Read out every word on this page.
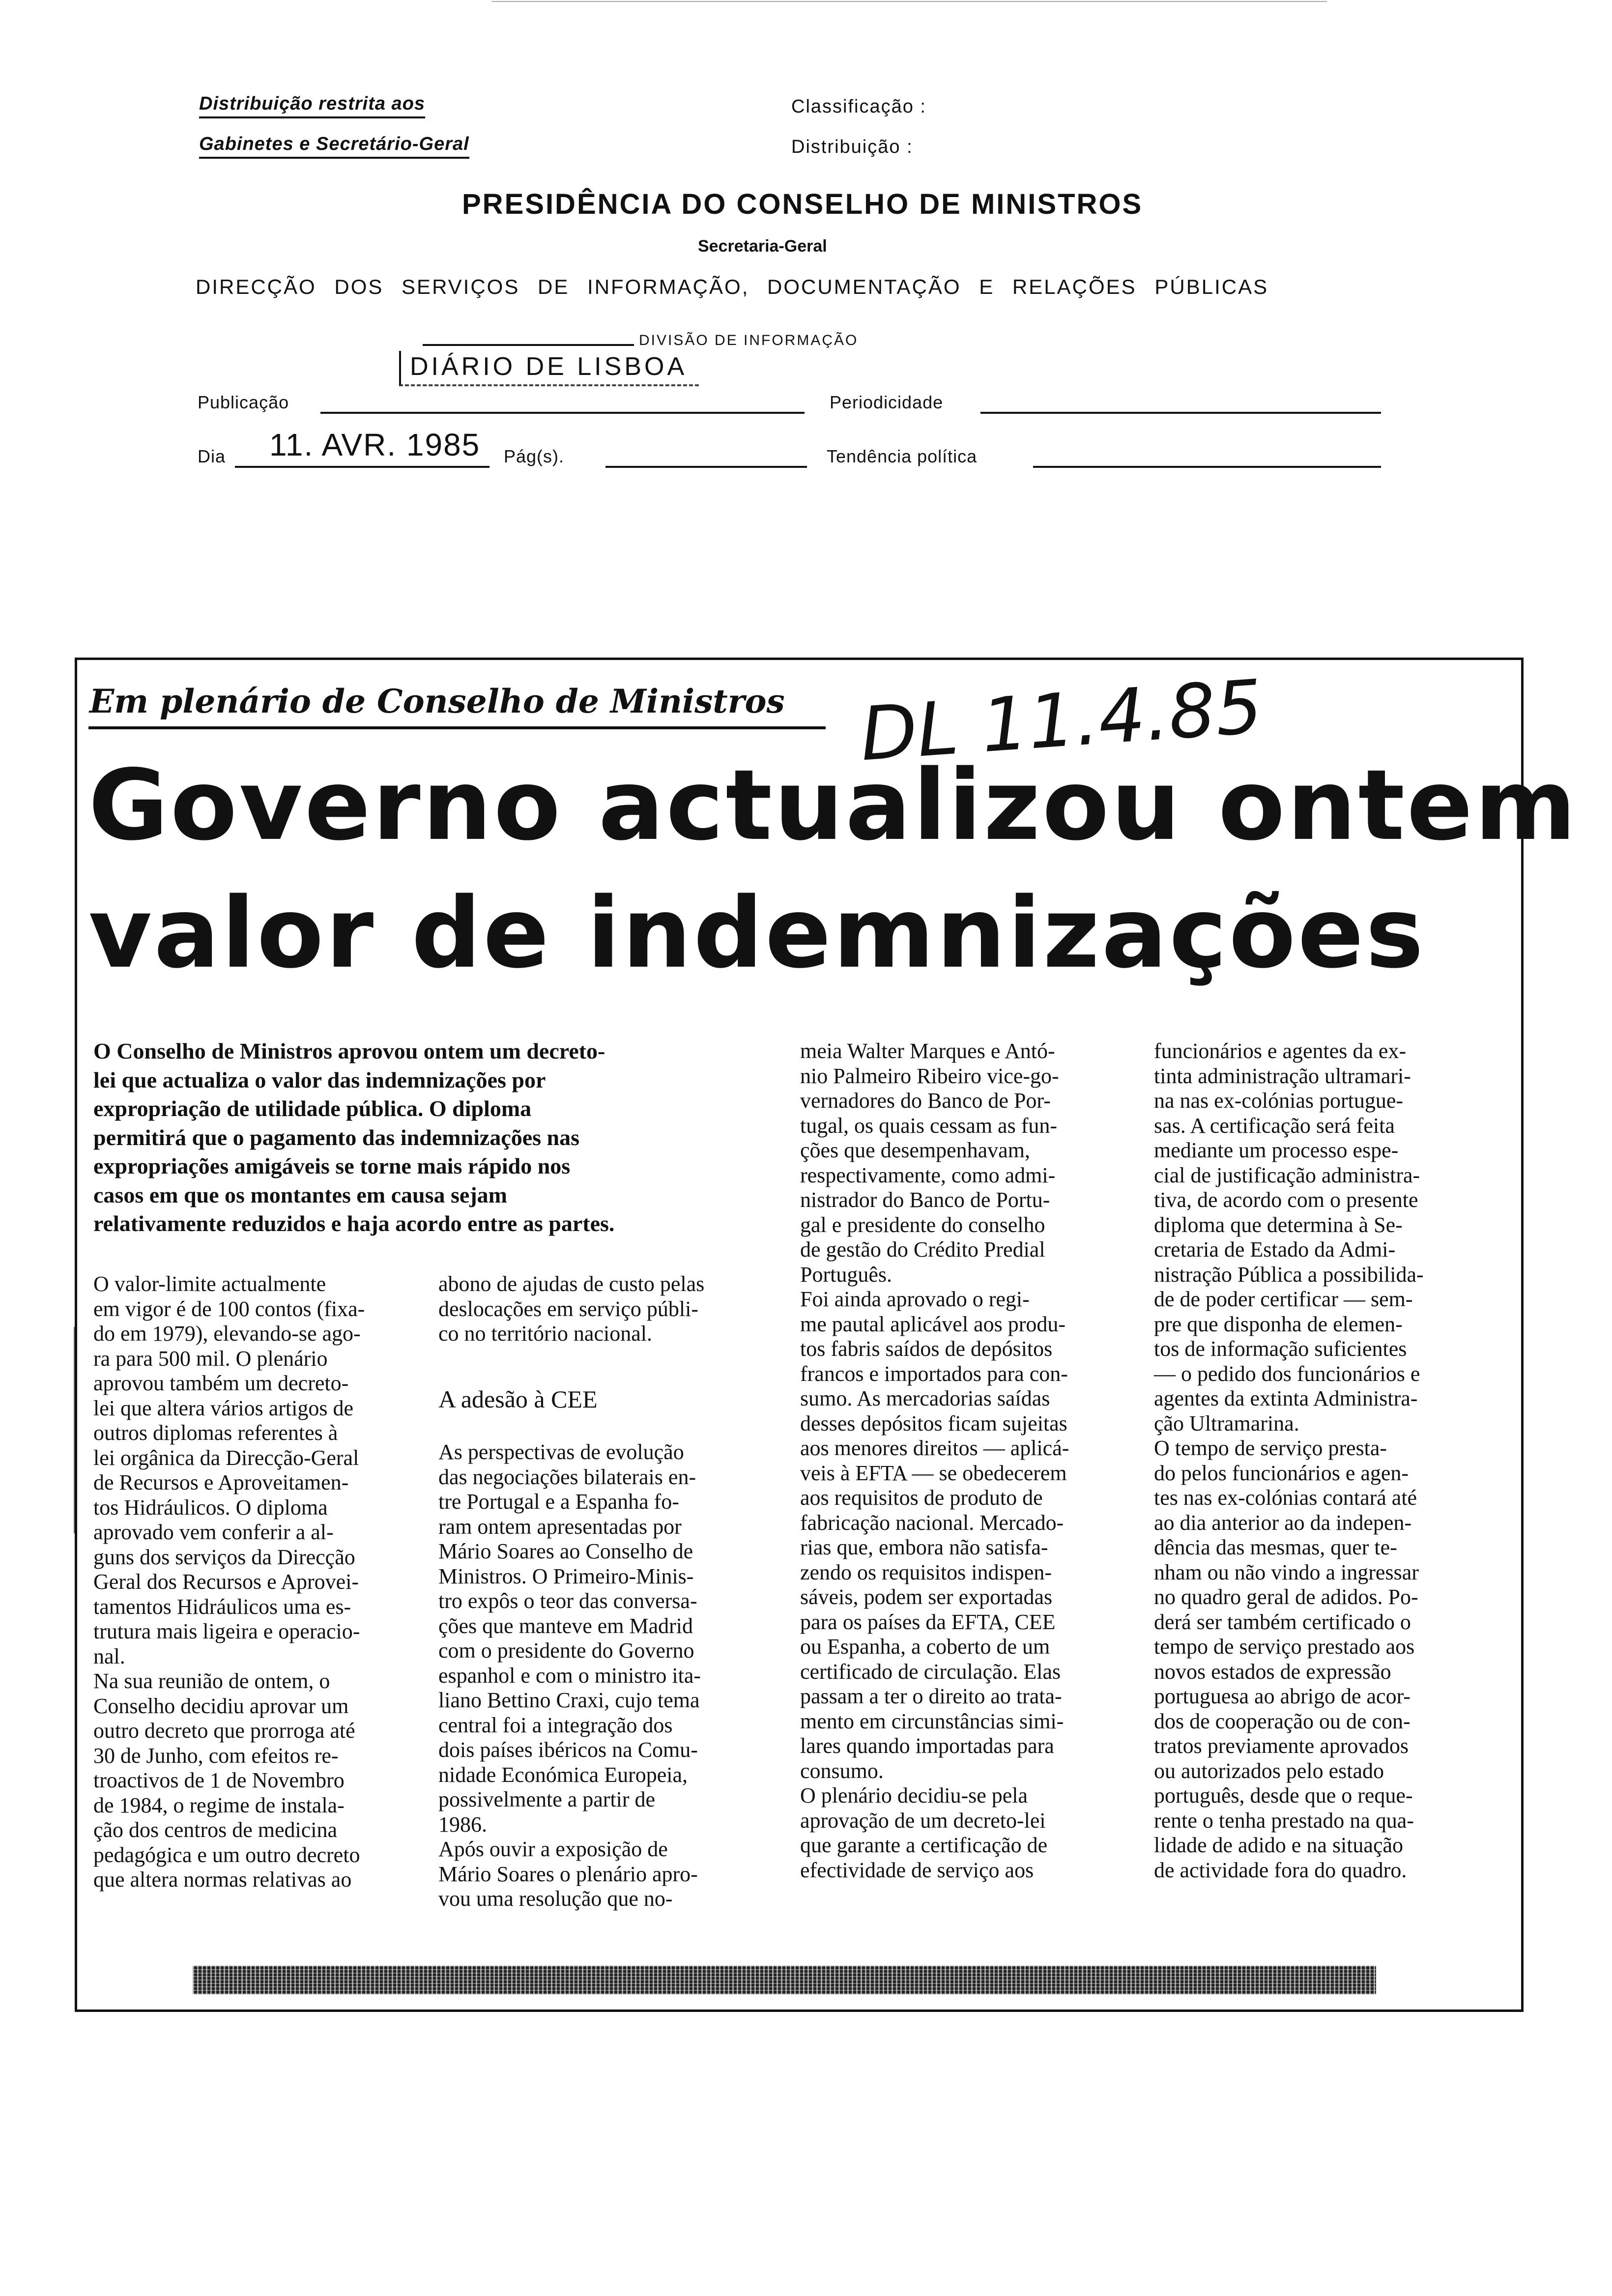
Distribuição restrita aos
Gabinetes e Secretário-Geral
Classificação :
Distribuição :
PRESIDÊNCIA DO CONSELHO DE MINISTROS
Secretaria-Geral
DIRECÇÃO DOS SERVIÇOS DE INFORMAÇÃO, DOCUMENTAÇÃO E RELAÇÕES PÚBLICAS
DIVISÃO DE INFORMAÇÃO
DIÁRIO DE LISBOA
Publicação	Periodicidade
Dia 11. AVR. 1985 Pág(s).	Tendência política
Em plenário de Conselho de Ministros DL 11.4.85
Governo actualizou ontem
valor de indemnizações
O Conselho de Ministros aprovou ontem um decreto-
lei que actualiza o valor das indemnizações por
expropriação de utilidade pública. O diploma
permitirá que o pagamento das indemnizações nas
expropriações amigáveis se torne mais rápido nos
casos em que os montantes em causa sejam
relativamente reduzidos e haja acordo entre as partes.

O valor-limite actualmente
em vigor é de 100 contos (fixa-
do em 1979), elevando-se ago-
ra para 500 mil. O plenário
aprovou também um decreto-
lei que altera vários artigos de
outros diplomas referentes à
lei orgânica da Direcção-Geral
de Recursos e Aproveitamen-
tos Hidráulicos. O diploma
aprovado vem conferir a al-
guns dos serviços da Direcção
Geral dos Recursos e Aprovei-
tamentos Hidráulicos uma es-
trutura mais ligeira e operacio-
nal.
Na sua reunião de ontem, o
Conselho decidiu aprovar um
outro decreto que prorroga até
30 de Junho, com efeitos re-
troactivos de 1 de Novembro
de 1984, o regime de instala-
ção dos centros de medicina
pedagógica e um outro decreto
que altera normas relativas ao

abono de ajudas de custo pelas
deslocações em serviço públi-
co no território nacional.

A adesão à CEE

As perspectivas de evolução
das negociações bilaterais en-
tre Portugal e a Espanha fo-
ram ontem apresentadas por
Mário Soares ao Conselho de
Ministros. O Primeiro-Minis-
tro expôs o teor das conversa-
ções que manteve em Madrid
com o presidente do Governo
espanhol e com o ministro ita-
liano Bettino Craxi, cujo tema
central foi a integração dos
dois países ibéricos na Comu-
nidade Económica Europeia,
possivelmente a partir de
1986.
Após ouvir a exposição de
Mário Soares o plenário apro-
vou uma resolução que no-

meia Walter Marques e Antó-
nio Palmeiro Ribeiro vice-go-
vernadores do Banco de Por-
tugal, os quais cessam as fun-
ções que desempenhavam,
respectivamente, como admi-
nistrador do Banco de Portu-
gal e presidente do conselho
de gestão do Crédito Predial
Português.
Foi ainda aprovado o regi-
me pautal aplicável aos produ-
tos fabris saídos de depósitos
francos e importados para con-
sumo. As mercadorias saídas
desses depósitos ficam sujeitas
aos menores direitos — aplicá-
veis à EFTA — se obedecerem
aos requisitos de produto de
fabricação nacional. Mercado-
rias que, embora não satisfa-
zendo os requisitos indispen-
sáveis, podem ser exportadas
para os países da EFTA, CEE
ou Espanha, a coberto de um
certificado de circulação. Elas
passam a ter o direito ao trata-
mento em circunstâncias simi-
lares quando importadas para
consumo.
O plenário decidiu-se pela
aprovação de um decreto-lei
que garante a certificação de
efectividade de serviço aos

funcionários e agentes da ex-
tinta administração ultramari-
na nas ex-colónias portugue-
sas. A certificação será feita
mediante um processo espe-
cial de justificação administra-
tiva, de acordo com o presente
diploma que determina à Se-
cretaria de Estado da Admi-
nistração Pública a possibilida-
de de poder certificar — sem-
pre que disponha de elemen-
tos de informação suficientes
— o pedido dos funcionários e
agentes da extinta Administra-
ção Ultramarina.
O tempo de serviço presta-
do pelos funcionários e agen-
tes nas ex-colónias contará até
ao dia anterior ao da indepen-
dência das mesmas, quer te-
nham ou não vindo a ingressar
no quadro geral de adidos. Po-
derá ser também certificado o
tempo de serviço prestado aos
novos estados de expressão
portuguesa ao abrigo de acor-
dos de cooperação ou de con-
tratos previamente aprovados
ou autorizados pelo estado
português, desde que o reque-
rente o tenha prestado na qua-
lidade de adido e na situação
de actividade fora do quadro.
